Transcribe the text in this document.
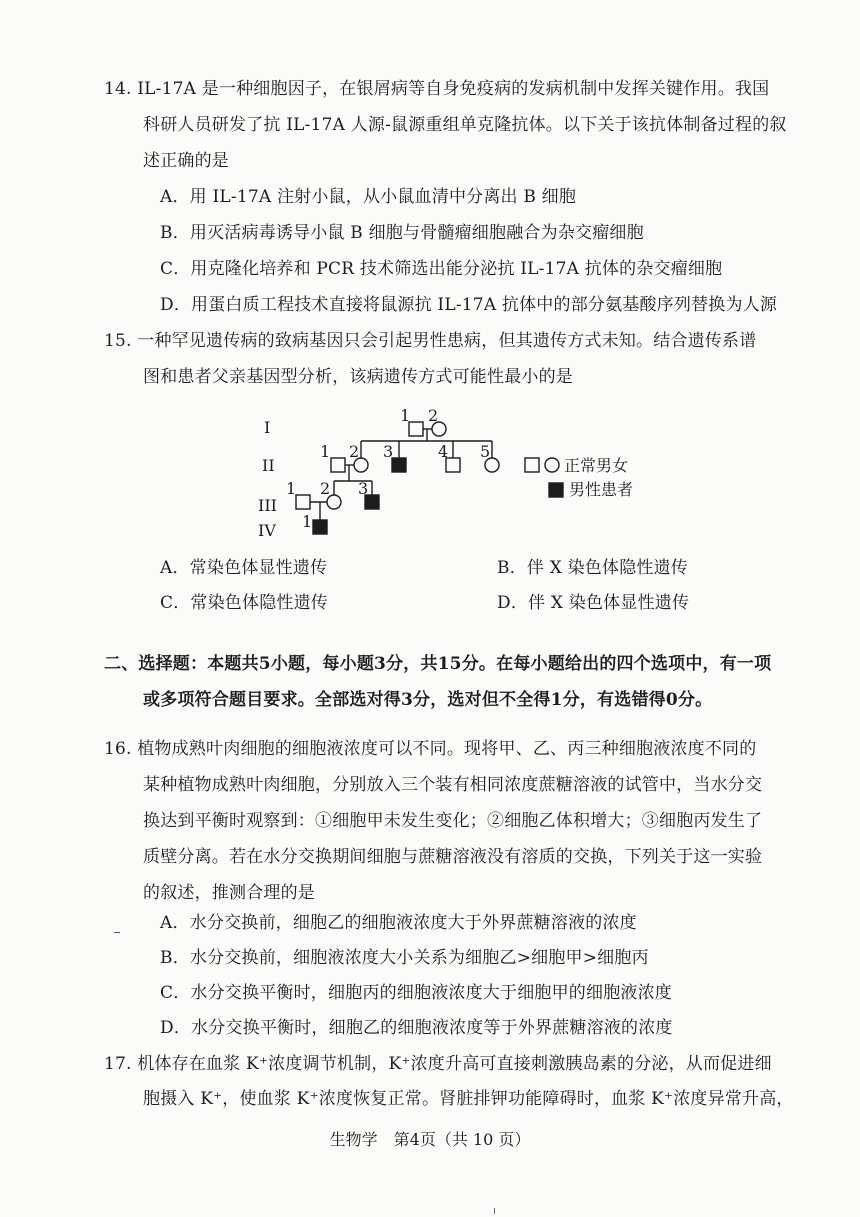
14. IL-17A 是一种细胞因子，在银屑病等自身免疫病的发病机制中发挥关键作用。我国
科研人员研发了抗 IL-17A 人源-鼠源重组单克隆抗体。以下关于该抗体制备过程的叙
述正确的是
A．用 IL-17A 注射小鼠，从小鼠血清中分离出 B 细胞
B．用灭活病毒诱导小鼠 B 细胞与骨髓瘤细胞融合为杂交瘤细胞
C．用克隆化培养和 PCR 技术筛选出能分泌抗 IL-17A 抗体的杂交瘤细胞
D．用蛋白质工程技术直接将鼠源抗 IL-17A 抗体中的部分氨基酸序列替换为人源
15. 一种罕见遗传病的致病基因只会引起男性患病，但其遗传方式未知。结合遗传系谱
图和患者父亲基因型分析，该病遗传方式可能性最小的是
I
II
III
IV
1 2
1 2 3	4 5
1 2 3
1
正常男女
男性患者
A．常染色体显性遗传	B．伴 X 染色体隐性遗传
C．常染色体隐性遗传	D．伴 X 染色体显性遗传
二、选择题：本题共5小题，每小题3分，共15分。在每小题给出的四个选项中，有一项
或多项符合题目要求。全部选对得3分，选对但不全得1分，有选错得0分。
16. 植物成熟叶肉细胞的细胞液浓度可以不同。现将甲、乙、丙三种细胞液浓度不同的
某种植物成熟叶肉细胞，分别放入三个装有相同浓度蔗糖溶液的试管中，当水分交
换达到平衡时观察到：①细胞甲未发生变化；②细胞乙体积增大；③细胞丙发生了
质壁分离。若在水分交换期间细胞与蔗糖溶液没有溶质的交换，下列关于这一实验
的叙述，推测合理的是
A．水分交换前，细胞乙的细胞液浓度大于外界蔗糖溶液的浓度
B．水分交换前，细胞液浓度大小关系为细胞乙>细胞甲>细胞丙
C．水分交换平衡时，细胞丙的细胞液浓度大于细胞甲的细胞液浓度
D．水分交换平衡时，细胞乙的细胞液浓度等于外界蔗糖溶液的浓度
17. 机体存在血浆 K⁺浓度调节机制，K⁺浓度升高可直接刺激胰岛素的分泌，从而促进细
胞摄入 K⁺，使血浆 K⁺浓度恢复正常。肾脏排钾功能障碍时，血浆 K⁺浓度异常升高，
生物学　第4页（共 10 页）
